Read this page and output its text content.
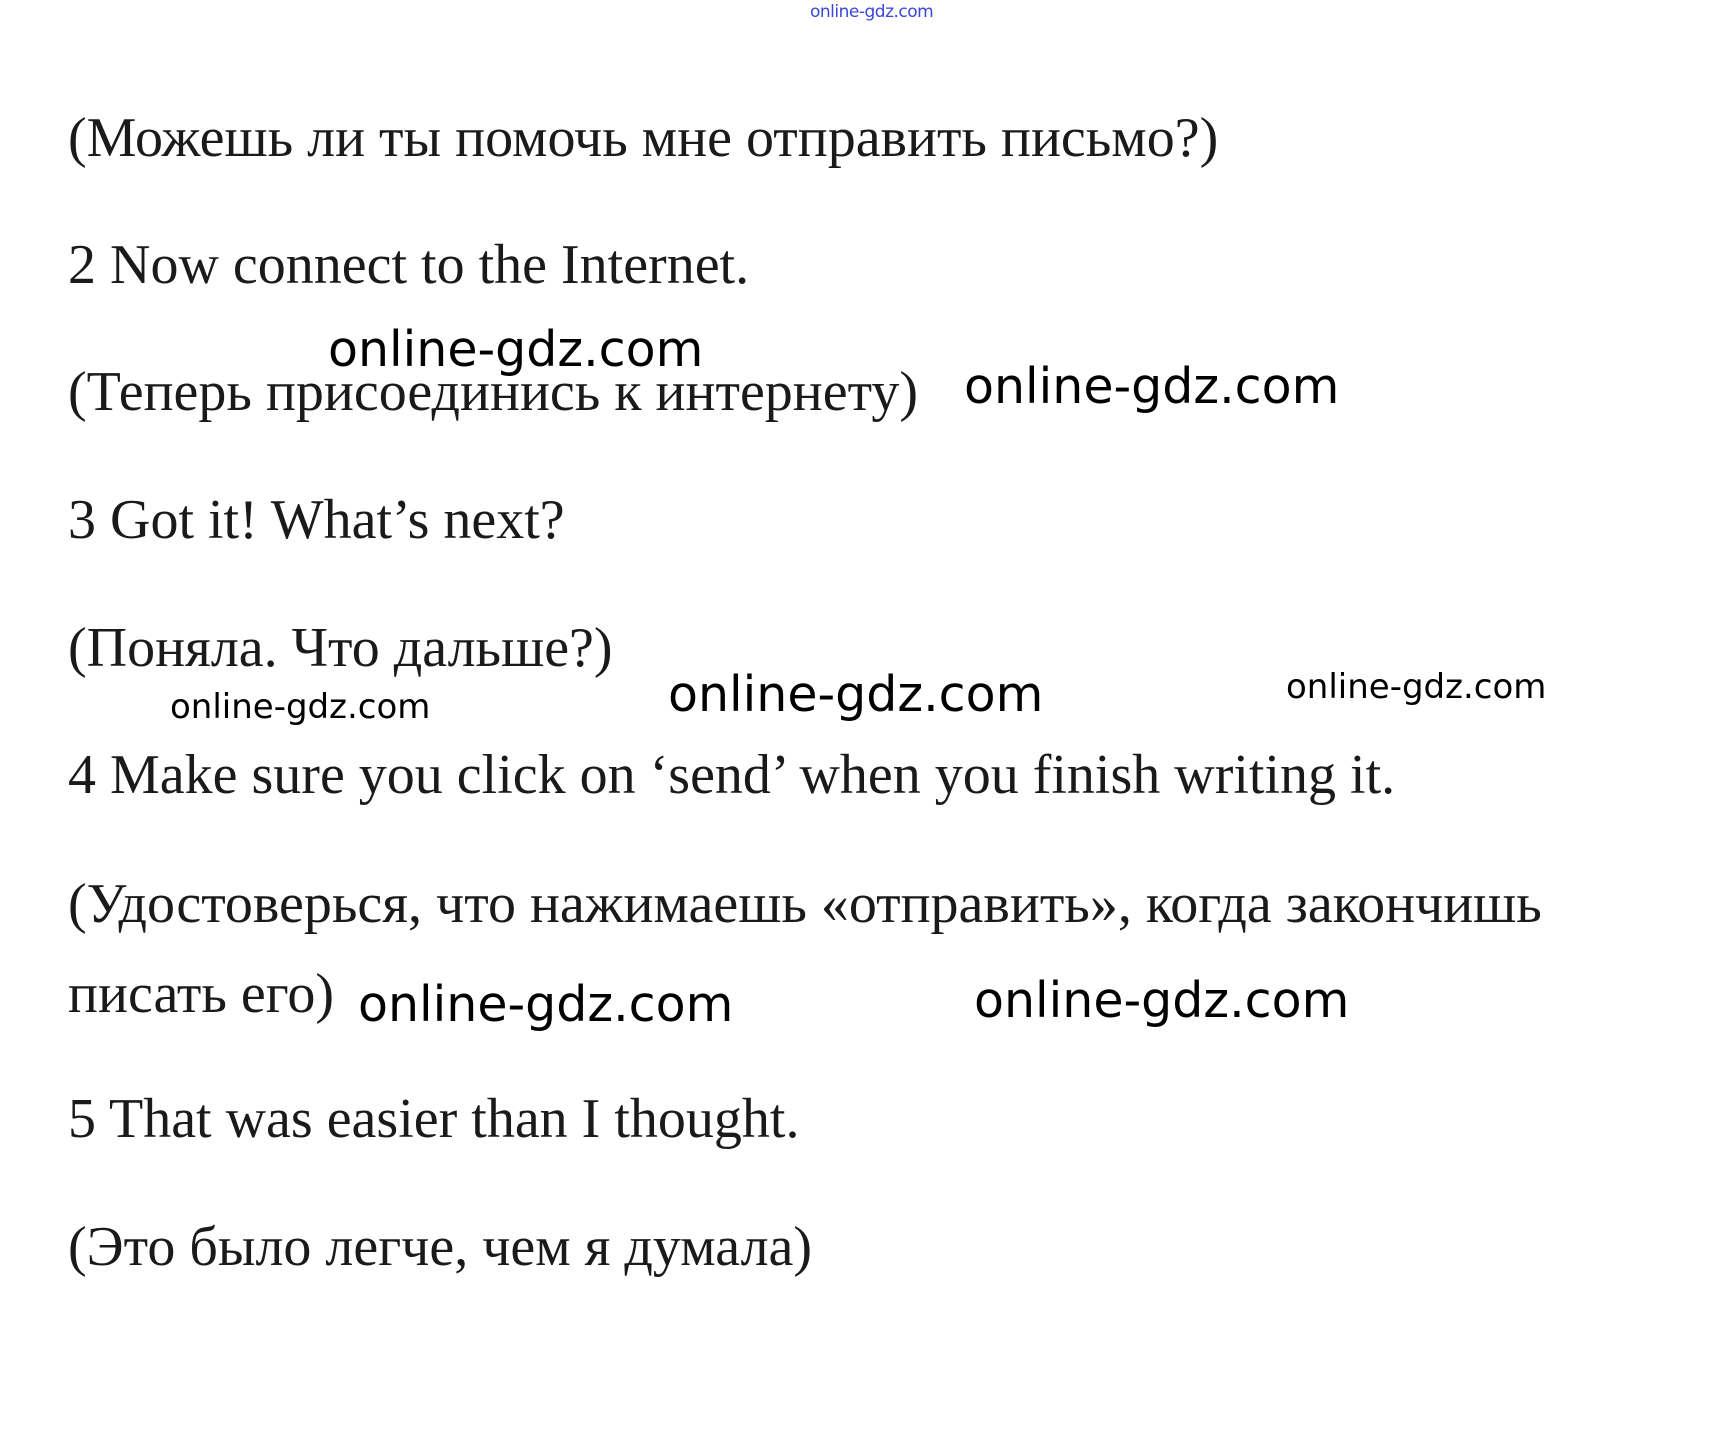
online-gdz.com

(Можешь ли ты помочь мне отправить письмо?)

2 Now connect to the Internet.

online-gdz.com

(Теперь присоединись к интернету) online-gdz.com

3 Got it! What’s next?

(Поняла. Что дальше?)

online-gdz.com	online-gdz.com	online-gdz.com

4 Make sure you click on ‘send’ when you finish writing it.

(Удостоверься, что нажимаешь «отправить», когда закончишь

писать его) online-gdz.com	online-gdz.com

5 That was easier than I thought.

(Это было легче, чем я думала)
